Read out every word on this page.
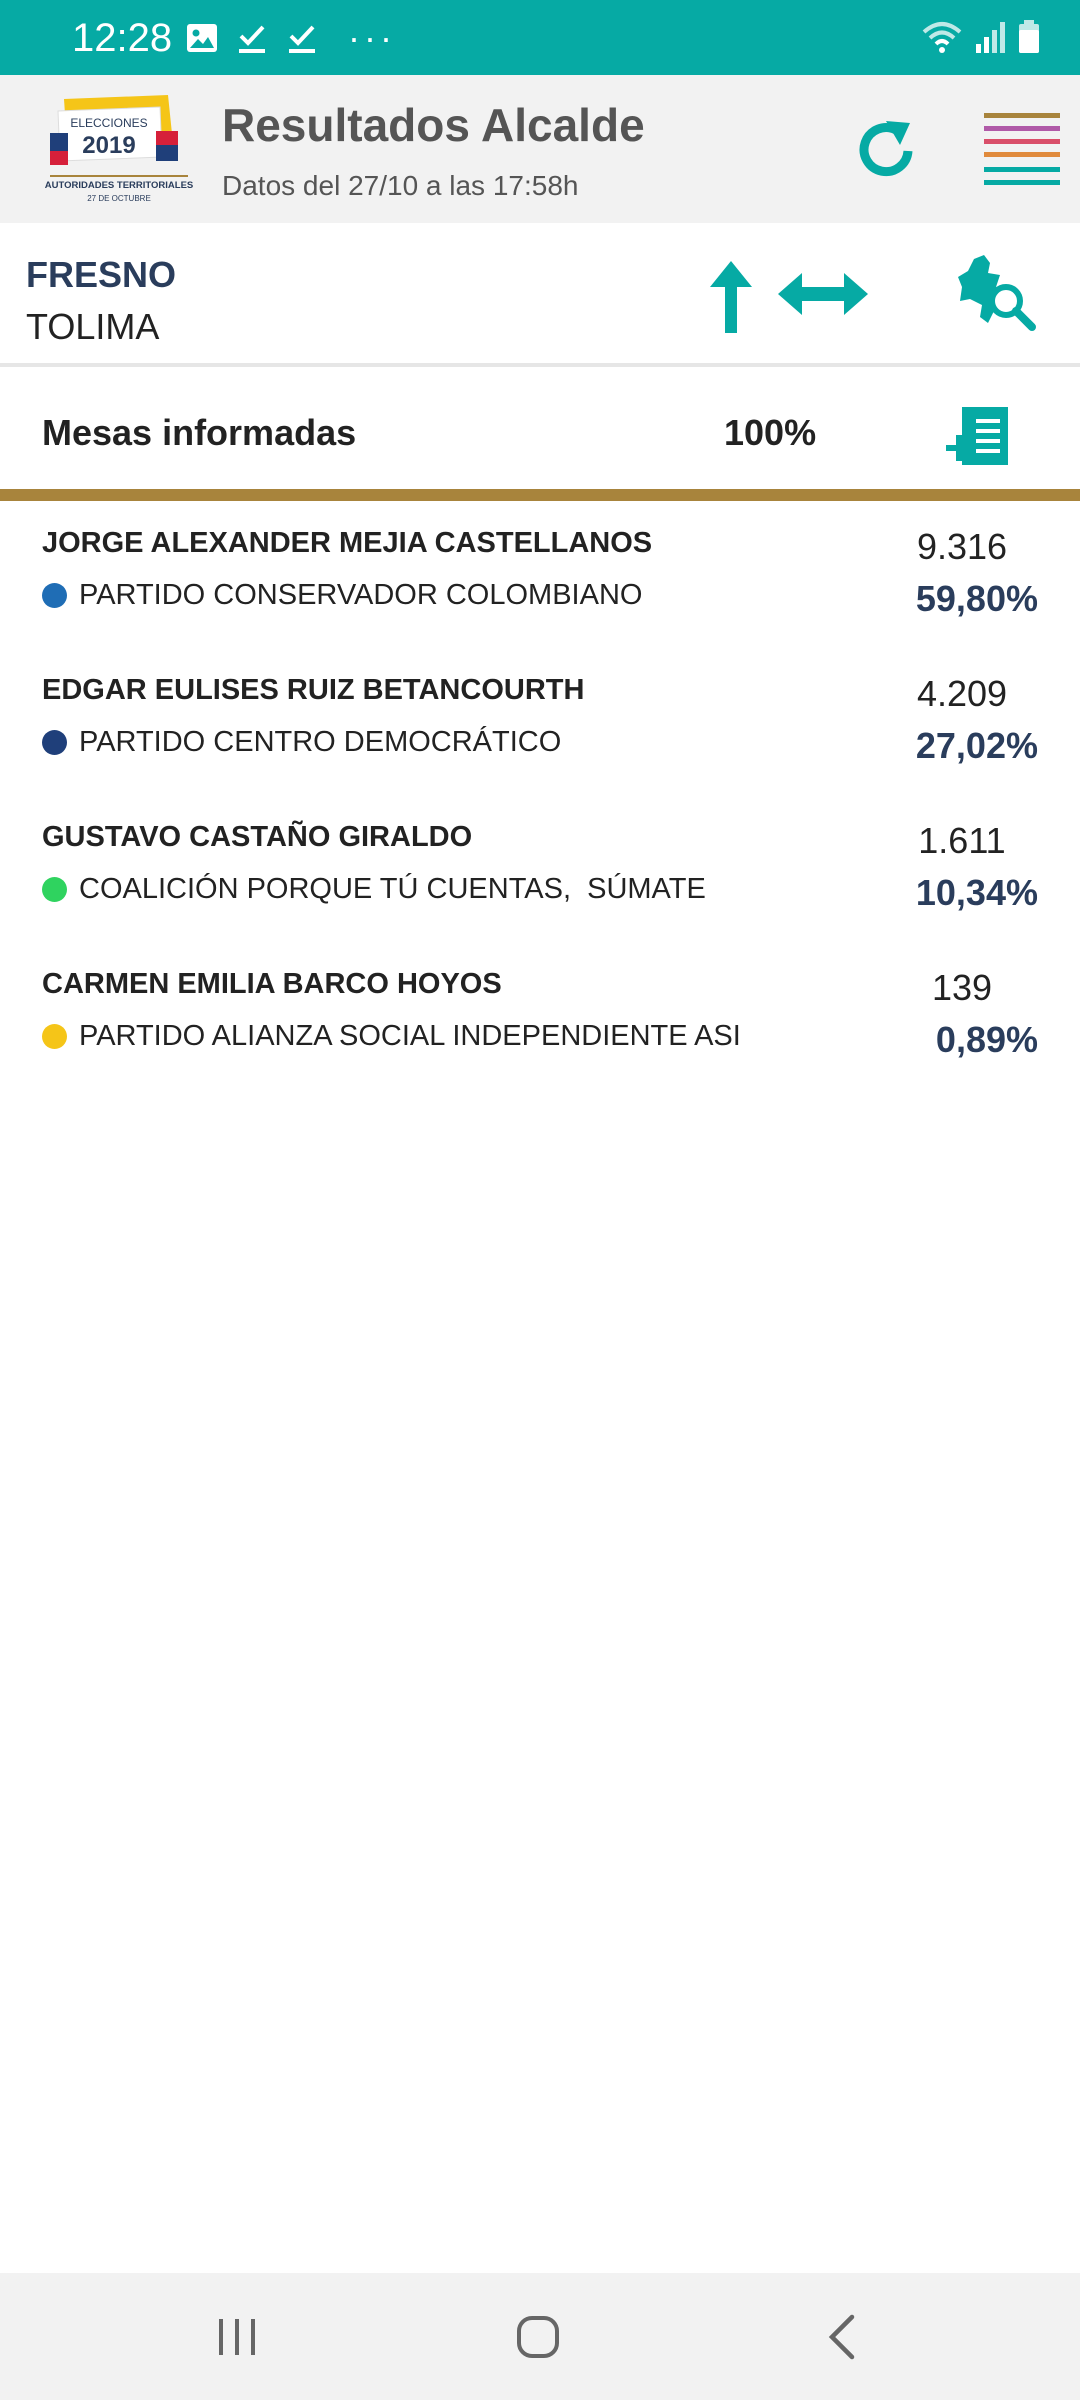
12:28	···
ELECCIONES
2019
AUTORIDADES TERRITORIALES
27 DE OCTUBRE
Resultados Alcalde
Datos del 27/10 a las 17:58h
FRESNO
TOLIMA
Mesas informadas	100%
JORGE ALEXANDER MEJIA CASTELLANOS
PARTIDO CONSERVADOR COLOMBIANO
9.316
59,80%
EDGAR EULISES RUIZ BETANCOURTH
PARTIDO CENTRO DEMOCRÁTICO
4.209
27,02%
GUSTAVO CASTAÑO GIRALDO
COALICIÓN PORQUE TÚ CUENTAS,  SÚMATE
1.611
10,34%
CARMEN EMILIA BARCO HOYOS
PARTIDO ALIANZA SOCIAL INDEPENDIENTE ASI
139
0,89%
